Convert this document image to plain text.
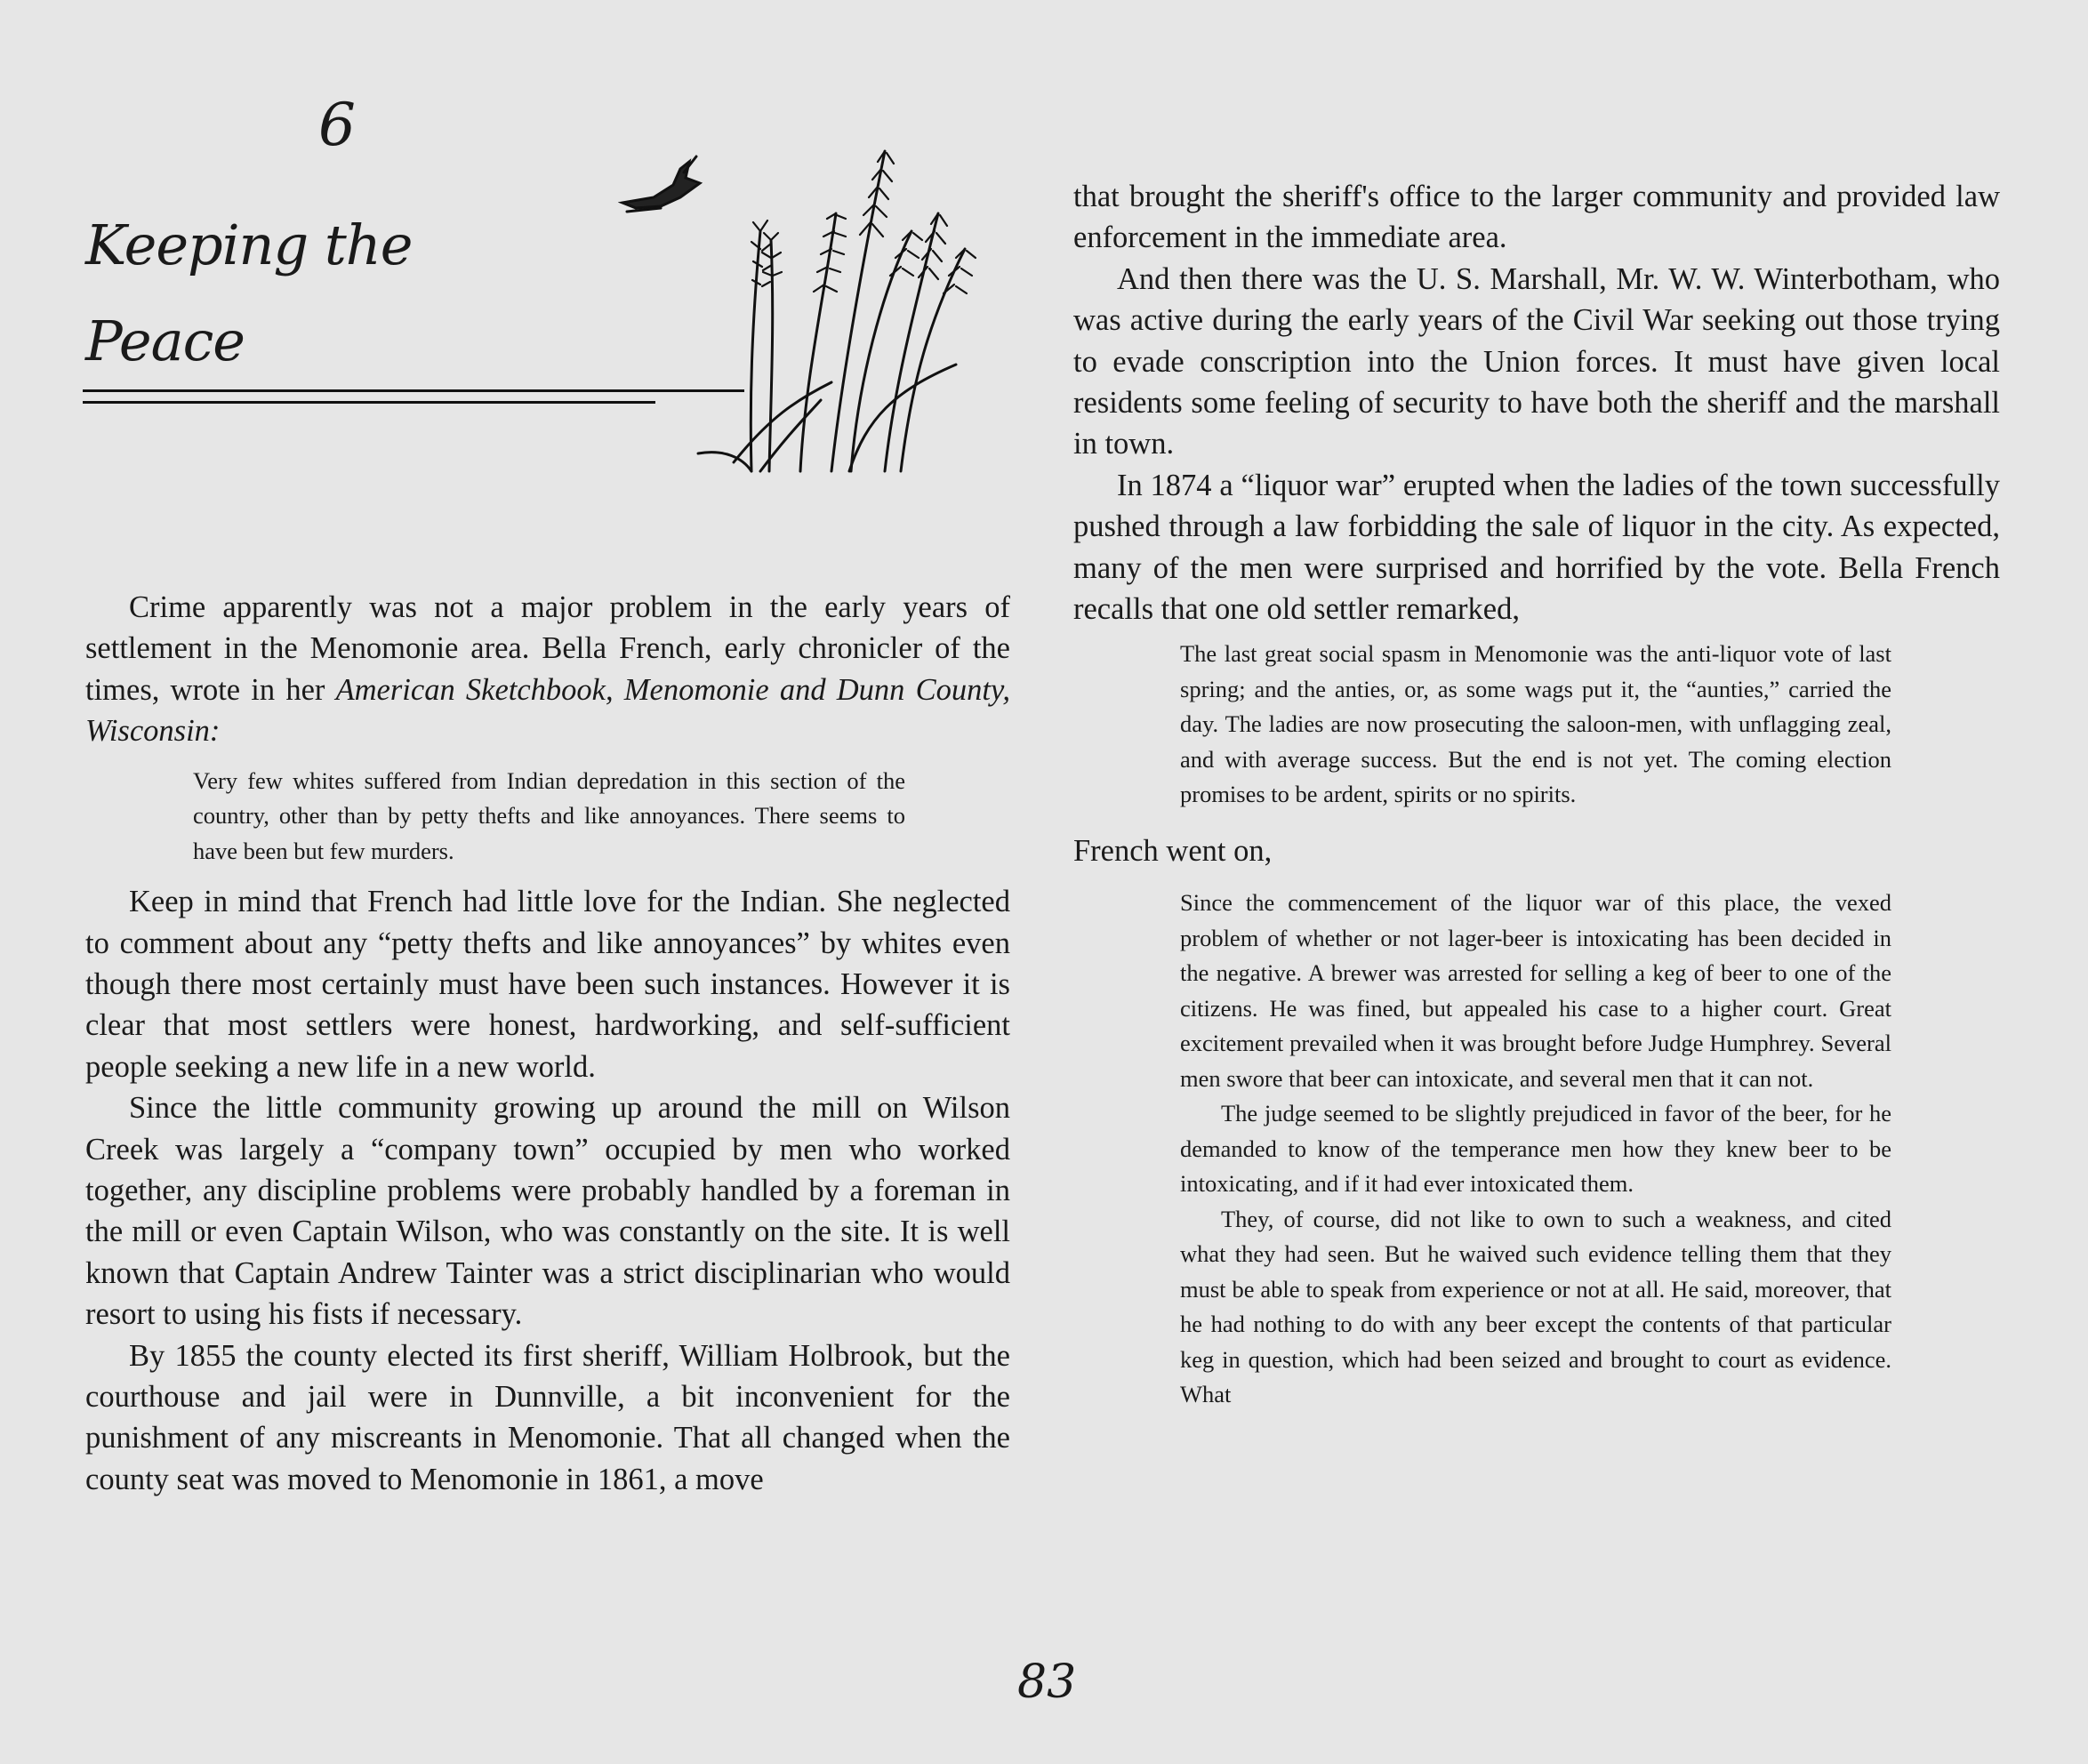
6
Keeping the
Peace

Crime apparently was not a major problem in the early years of settlement in the Menomonie area. Bella French, early chronicler of the times, wrote in her American Sketchbook, Menomonie and Dunn County, Wisconsin:

Very few whites suffered from Indian depredation in this section of the country, other than by petty thefts and like annoyances. There seems to have been but few murders.

Keep in mind that French had little love for the Indian. She neglected to comment about any “petty thefts and like annoyances” by whites even though there most certainly must have been such instances. However it is clear that most settlers were honest, hardworking, and self-sufficient people seeking a new life in a new world.

Since the little community growing up around the mill on Wilson Creek was largely a “company town” occupied by men who worked together, any discipline problems were probably handled by a foreman in the mill or even Captain Wilson, who was constantly on the site. It is well known that Captain Andrew Tainter was a strict disciplinarian who would resort to using his fists if necessary.

By 1855 the county elected its first sheriff, William Holbrook, but the courthouse and jail were in Dunnville, a bit inconvenient for the punishment of any miscreants in Menomonie. That all changed when the county seat was moved to Menomonie in 1861, a move

that brought the sheriff's office to the larger community and provided law enforcement in the immediate area.

And then there was the U. S. Marshall, Mr. W. W. Winterbotham, who was active during the early years of the Civil War seeking out those trying to evade conscription into the Union forces. It must have given local residents some feeling of security to have both the sheriff and the marshall in town.

In 1874 a “liquor war” erupted when the ladies of the town successfully pushed through a law forbidding the sale of liquor in the city. As expected, many of the men were surprised and horrified by the vote. Bella French recalls that one old settler remarked,

The last great social spasm in Menomonie was the anti-liquor vote of last spring; and the anties, or, as some wags put it, the “aunties,” carried the day. The ladies are now prosecuting the saloon-men, with unflagging zeal, and with average success. But the end is not yet. The coming election promises to be ardent, spirits or no spirits.

French went on,

Since the commencement of the liquor war of this place, the vexed problem of whether or not lager-beer is intoxicating has been decided in the negative. A brewer was arrested for selling a keg of beer to one of the citizens. He was fined, but appealed his case to a higher court. Great excitement prevailed when it was brought before Judge Humphrey. Several men swore that beer can intoxicate, and several men that it can not.

The judge seemed to be slightly prejudiced in favor of the beer, for he demanded to know of the temperance men how they knew beer to be intoxicating, and if it had ever intoxicated them.

They, of course, did not like to own to such a weakness, and cited what they had seen. But he waived such evidence telling them that they must be able to speak from experience or not at all. He said, moreover, that he had nothing to do with any beer except the contents of that particular keg in question, which had been seized and brought to court as evidence. What

83
